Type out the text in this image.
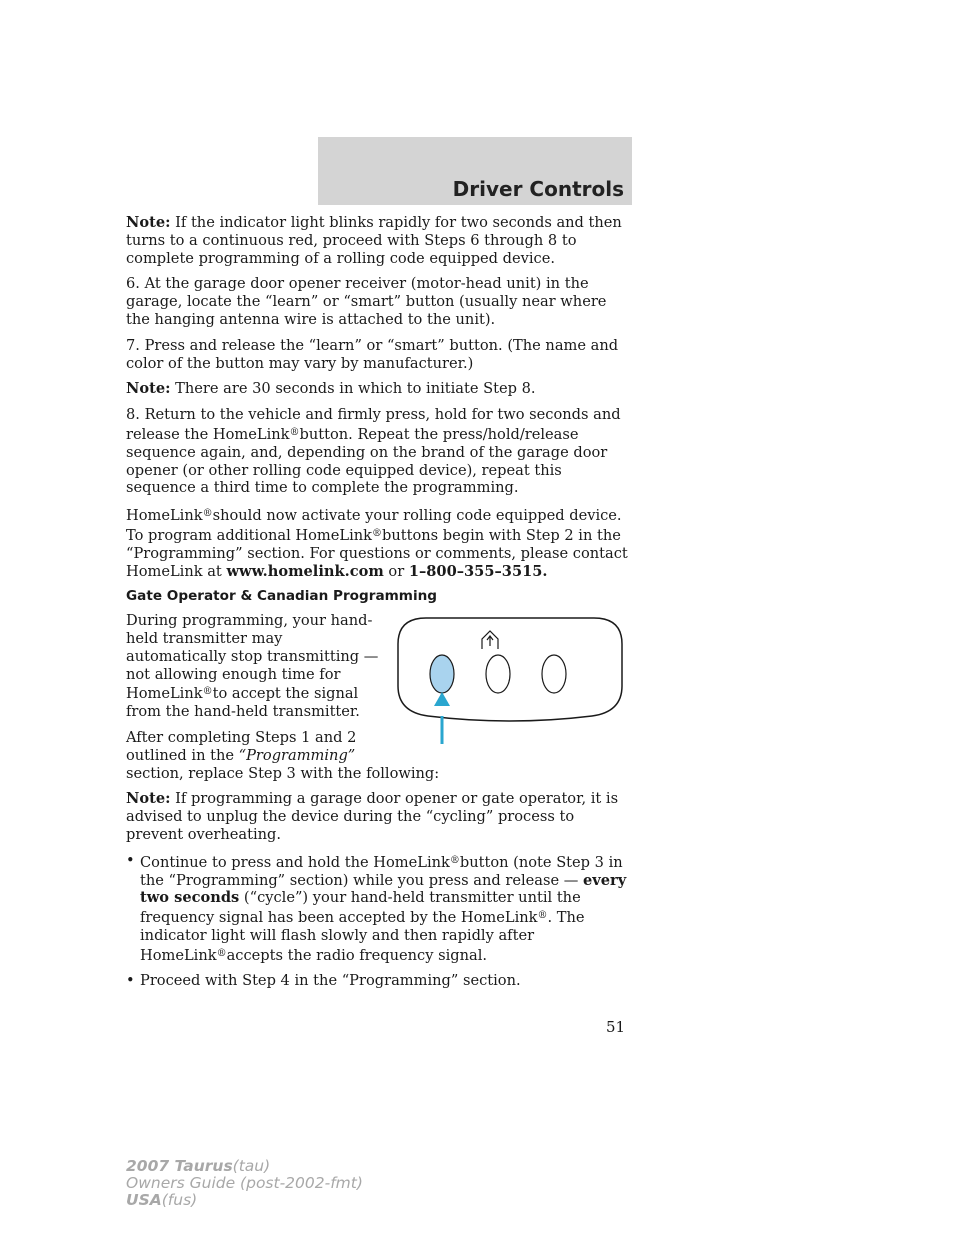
Driver Controls

Note: If the indicator light blinks rapidly for two seconds and then turns to a continuous red, proceed with Steps 6 through 8 to complete programming of a rolling code equipped device.

6. At the garage door opener receiver (motor-head unit) in the garage, locate the “learn” or “smart” button (usually near where the hanging antenna wire is attached to the unit).

7. Press and release the “learn” or “smart” button. (The name and color of the button may vary by manufacturer.)

Note: There are 30 seconds in which to initiate Step 8.

8. Return to the vehicle and firmly press, hold for two seconds and release the HomeLink®button. Repeat the press/hold/release sequence again, and, depending on the brand of the garage door opener (or other rolling code equipped device), repeat this sequence a third time to complete the programming.

HomeLink®should now activate your rolling code equipped device. To program additional HomeLink®buttons begin with Step 2 in the “Programming” section. For questions or comments, please contact HomeLink at www.homelink.com or 1–800–355–3515.

Gate Operator & Canadian Programming

During programming, your hand-held transmitter may automatically stop transmitting — not allowing enough time for HomeLink®to accept the signal from the hand-held transmitter.

After completing Steps 1 and 2 outlined in the “Programming” section, replace Step 3 with the following:

Note: If programming a garage door opener or gate operator, it is advised to unplug the device during the “cycling” process to prevent overheating.

• Continue to press and hold the HomeLink®button (note Step 3 in the “Programming” section) while you press and release — every two seconds (“cycle”) your hand-held transmitter until the frequency signal has been accepted by the HomeLink®. The indicator light will flash slowly and then rapidly after HomeLink®accepts the radio frequency signal.
• Proceed with Step 4 in the “Programming” section.
51
2007 Taurus(tau)
Owners Guide (post-2002-fmt)
USA(fus)
